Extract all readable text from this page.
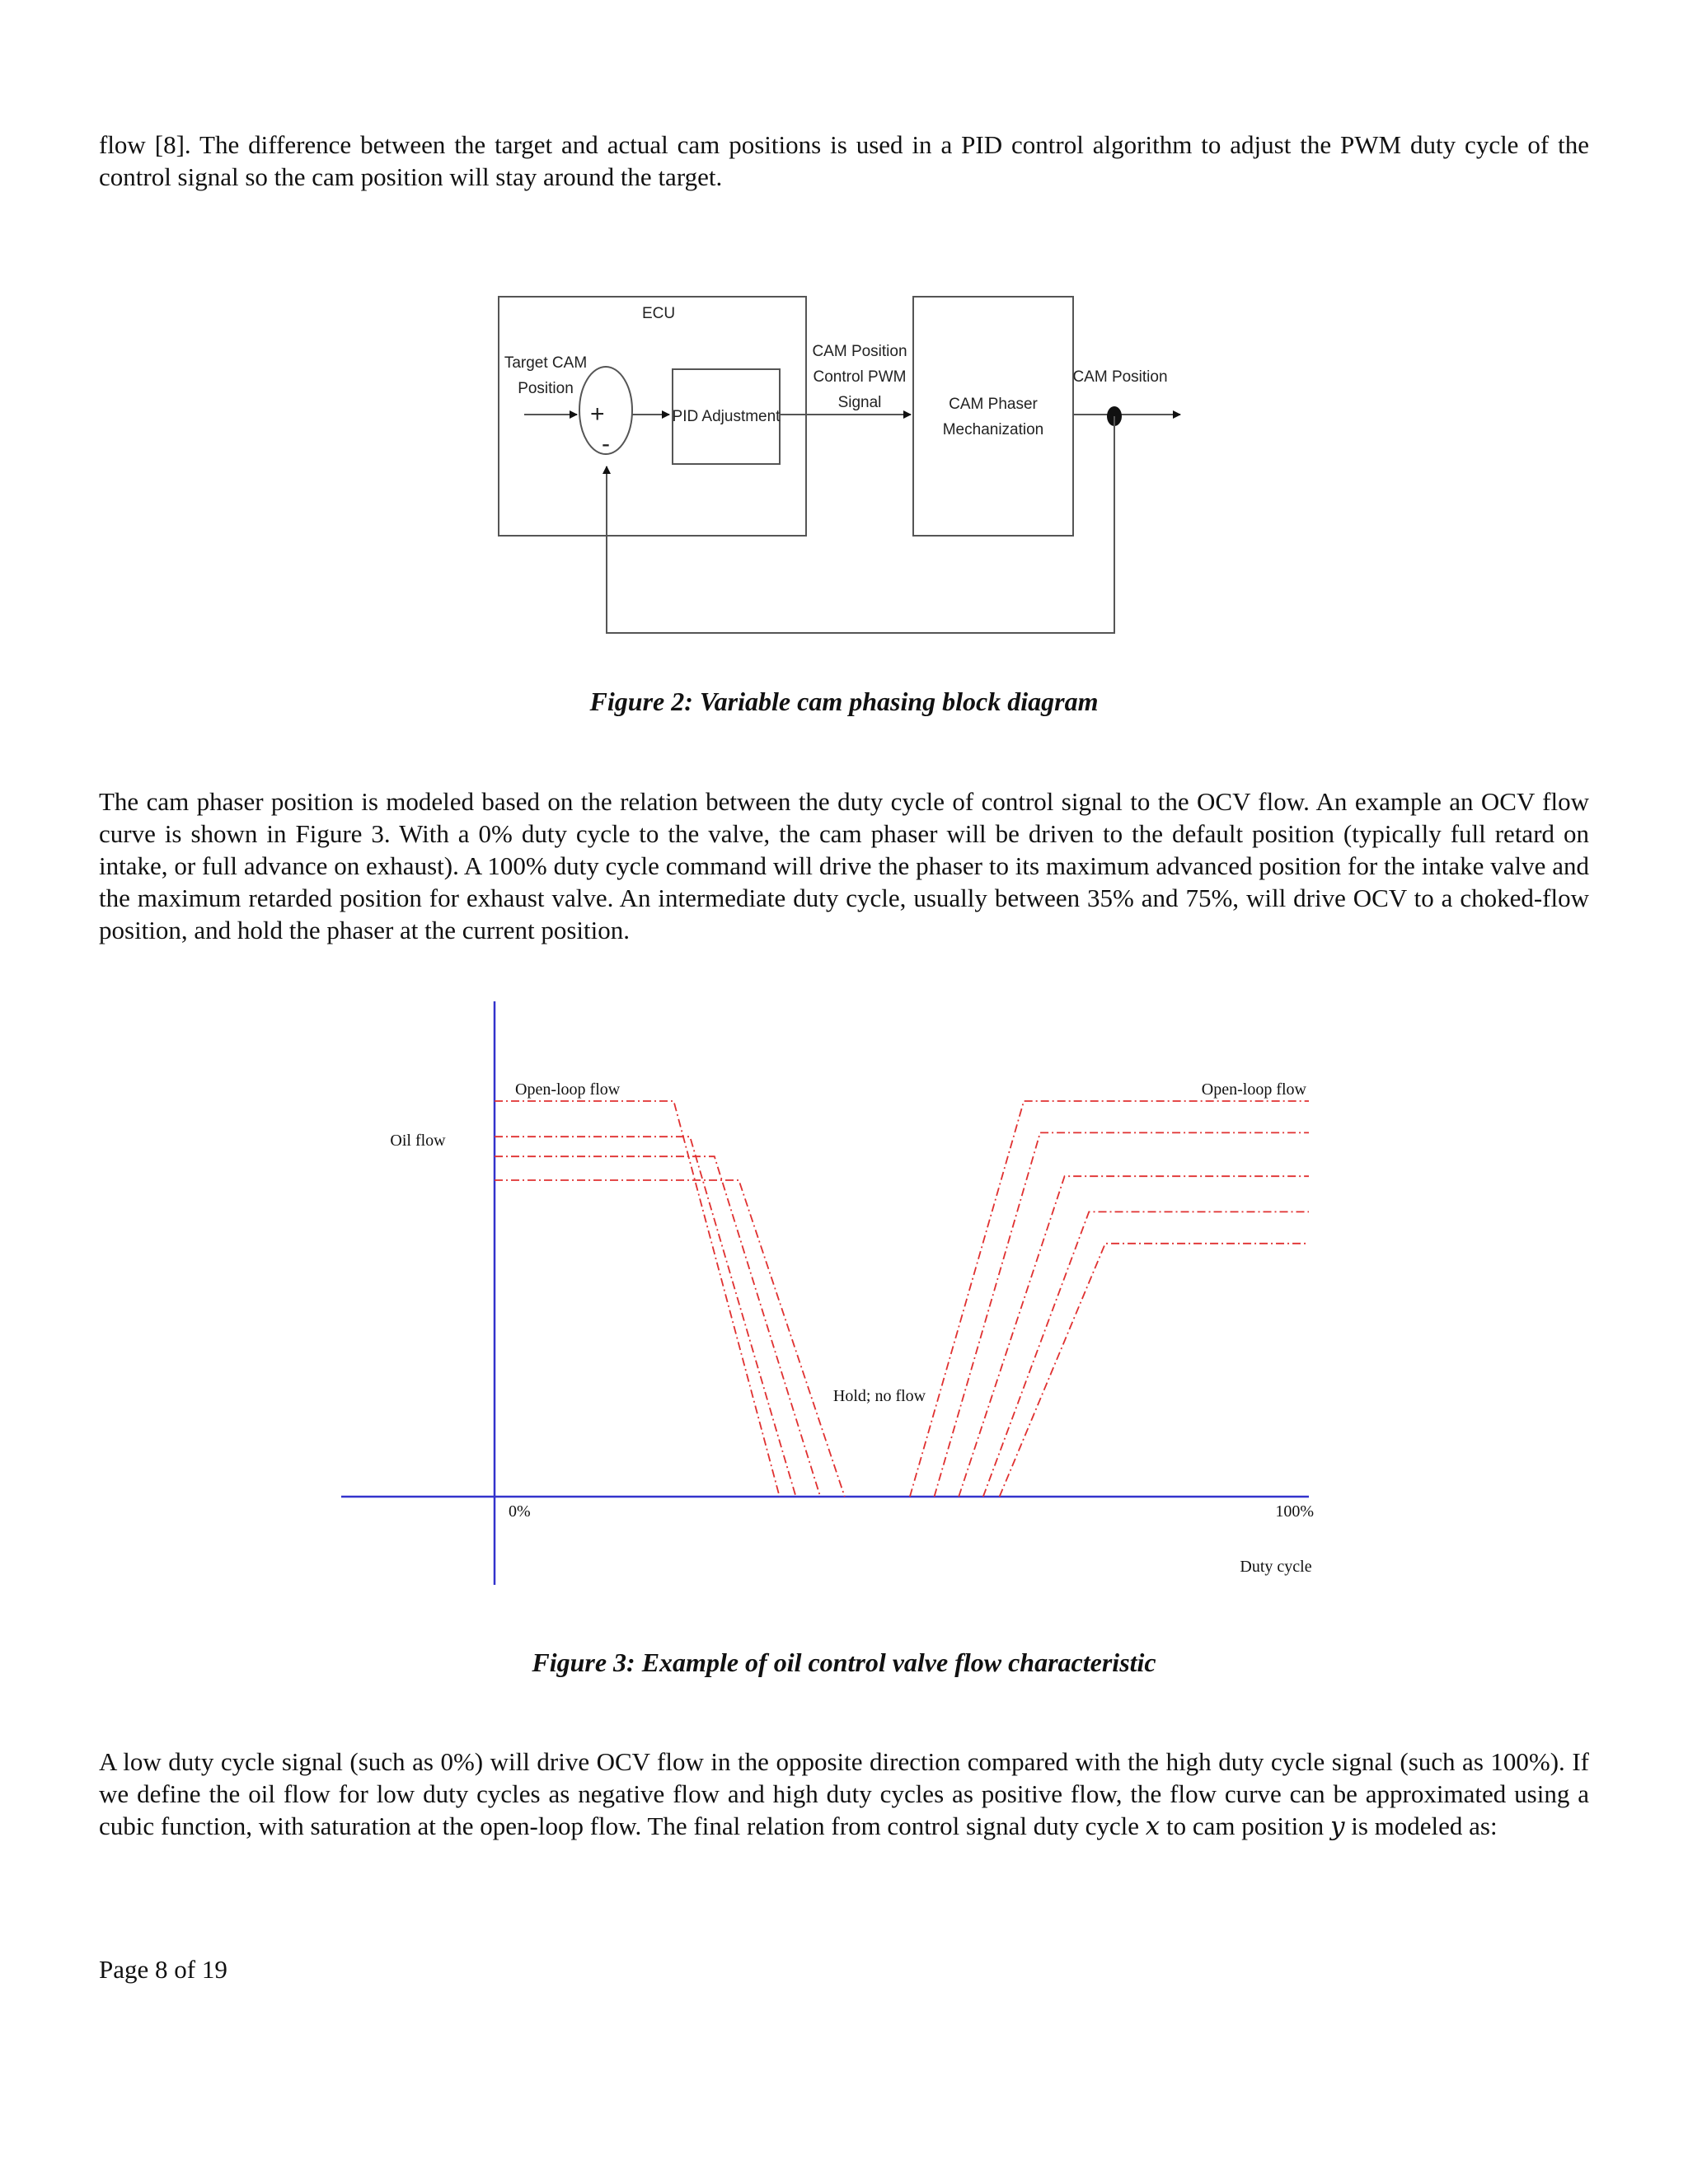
flow [8]. The difference between the target and actual cam positions is used in a PID control algorithm to adjust the PWM duty cycle of the control signal so the cam position will stay around the target.

ECU
Target CAM
Position
+
-
PID Adjustment
CAM Position
Control PWM
Signal	CAM Phaser
Mechanization
CAM Position

Figure 2: Variable cam phasing block diagram

The cam phaser position is modeled based on the relation between the duty cycle of control signal to the OCV flow. An example an OCV flow curve is shown in Figure 3. With a 0% duty cycle to the valve, the cam phaser will be driven to the default position (typically full retard on intake, or full advance on exhaust). A 100% duty cycle command will drive the phaser to its maximum advanced position for the intake valve and the maximum retarded position for exhaust valve. An intermediate duty cycle, usually between 35% and 75%, will drive OCV to a choked-flow position, and hold the phaser at the current position.

Oil flow
Duty cycle
0%	100%
Open-loop flow	Open-loop flow
Hold; no flow

Figure 3: Example of oil control valve flow characteristic

A low duty cycle signal (such as 0%) will drive OCV flow in the opposite direction compared with the high duty cycle signal (such as 100%). If we define the oil flow for low duty cycles as negative flow and high duty cycles as positive flow, the flow curve can be approximated using a cubic function, with saturation at the open-loop flow. The final relation from control signal duty cycle x to cam position y is modeled as:

Page 8 of 19
